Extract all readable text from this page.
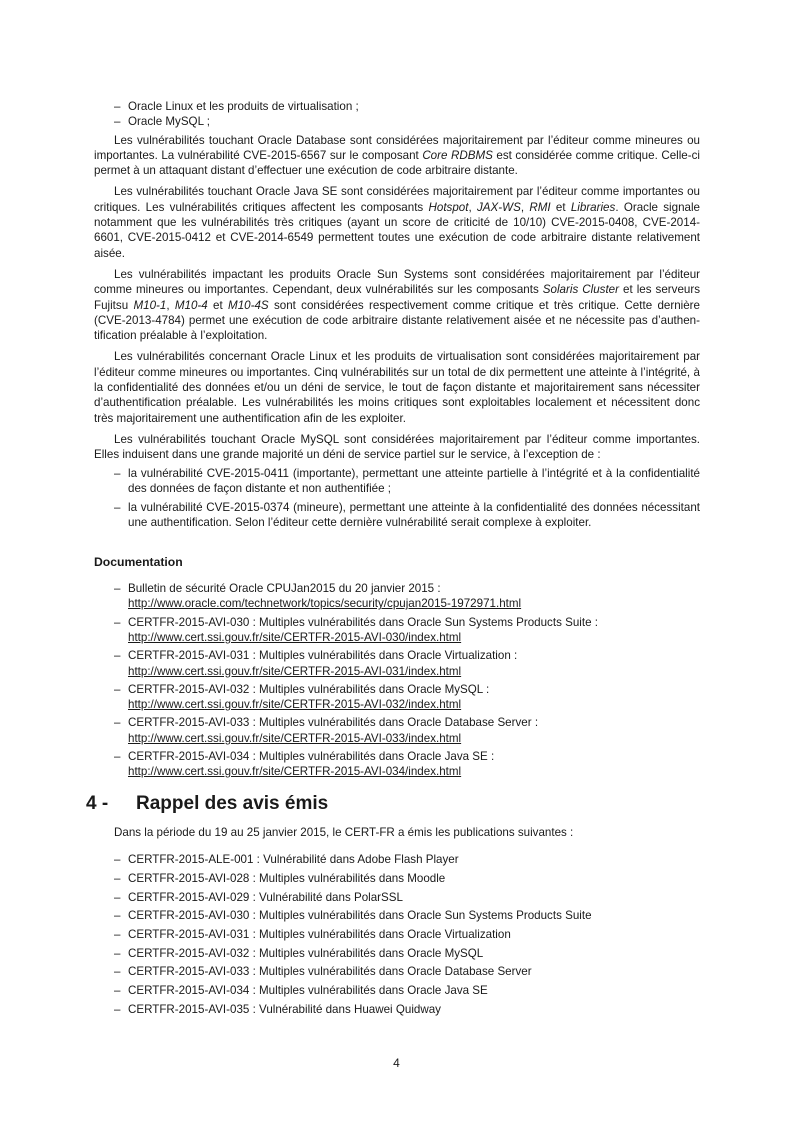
– Oracle Linux et les produits de virtualisation ;
– Oracle MySQL ;

Les vulnérabilités touchant Oracle Database sont considérées majoritairement par l’éditeur comme mineures ou importantes. La vulnérabilité CVE-2015-6567 sur le composant Core RDBMS est considérée comme critique. Celle-ci permet à un attaquant distant d’effectuer une exécution de code arbitraire distante.

Les vulnérabilités touchant Oracle Java SE sont considérées majoritairement par l’éditeur comme importantes ou critiques. Les vulnérabilités critiques affectent les composants Hotspot, JAX-WS, RMI et Libraries. Oracle signale notamment que les vulnérabilités très critiques (ayant un score de criticité de 10/10) CVE-2015-0408, CVE-2014-6601, CVE-2015-0412 et CVE-2014-6549 permettent toutes une exécution de code arbitraire distante relativement aisée.

Les vulnérabilités impactant les produits Oracle Sun Systems sont considérées majoritairement par l’éditeur comme mineures ou importantes. Cependant, deux vulnérabilités sur les composants Solaris Cluster et les serveurs Fujitsu M10-1, M10-4 et M10-4S sont considérées respectivement comme critique et très critique. Cette dernière (CVE-2013-4784) permet une exécution de code arbitraire distante relativement aisée et ne nécessite pas d’authentification préalable à l’exploitation.

Les vulnérabilités concernant Oracle Linux et les produits de virtualisation sont considérées majoritairement par l’éditeur comme mineures ou importantes. Cinq vulnérabilités sur un total de dix permettent une atteinte à l’intégrité, à la confidentialité des données et/ou un déni de service, le tout de façon distante et majoritairement sans nécessiter d’authentification préalable. Les vulnérabilités les moins critiques sont exploitables localement et nécessitent donc très majoritairement une authentification afin de les exploiter.

Les vulnérabilités touchant Oracle MySQL sont considérées majoritairement par l’éditeur comme importantes. Elles induisent dans une grande majorité un déni de service partiel sur le service, à l’exception de :

– la vulnérabilité CVE-2015-0411 (importante), permettant une atteinte partielle à l’intégrité et à la confidentialité des données de façon distante et non authentifiée ;
– la vulnérabilité CVE-2015-0374 (mineure), permettant une atteinte à la confidentialité des données nécessitant une authentification. Selon l’éditeur cette dernière vulnérabilité serait complexe à exploiter.
Documentation
– Bulletin de sécurité Oracle CPUJan2015 du 20 janvier 2015 :
http://www.oracle.com/technetwork/topics/security/cpujan2015-1972971.html
– CERTFR-2015-AVI-030 : Multiples vulnérabilités dans Oracle Sun Systems Products Suite :
http://www.cert.ssi.gouv.fr/site/CERTFR-2015-AVI-030/index.html
– CERTFR-2015-AVI-031 : Multiples vulnérabilités dans Oracle Virtualization :
http://www.cert.ssi.gouv.fr/site/CERTFR-2015-AVI-031/index.html
– CERTFR-2015-AVI-032 : Multiples vulnérabilités dans Oracle MySQL :
http://www.cert.ssi.gouv.fr/site/CERTFR-2015-AVI-032/index.html
– CERTFR-2015-AVI-033 : Multiples vulnérabilités dans Oracle Database Server :
http://www.cert.ssi.gouv.fr/site/CERTFR-2015-AVI-033/index.html
– CERTFR-2015-AVI-034 : Multiples vulnérabilités dans Oracle Java SE :
http://www.cert.ssi.gouv.fr/site/CERTFR-2015-AVI-034/index.html
4 -	Rappel des avis émis
Dans la période du 19 au 25 janvier 2015, le CERT-FR a émis les publications suivantes :
– CERTFR-2015-ALE-001 : Vulnérabilité dans Adobe Flash Player
– CERTFR-2015-AVI-028 : Multiples vulnérabilités dans Moodle
– CERTFR-2015-AVI-029 : Vulnérabilité dans PolarSSL
– CERTFR-2015-AVI-030 : Multiples vulnérabilités dans Oracle Sun Systems Products Suite
– CERTFR-2015-AVI-031 : Multiples vulnérabilités dans Oracle Virtualization
– CERTFR-2015-AVI-032 : Multiples vulnérabilités dans Oracle MySQL
– CERTFR-2015-AVI-033 : Multiples vulnérabilités dans Oracle Database Server
– CERTFR-2015-AVI-034 : Multiples vulnérabilités dans Oracle Java SE
– CERTFR-2015-AVI-035 : Vulnérabilité dans Huawei Quidway
4
